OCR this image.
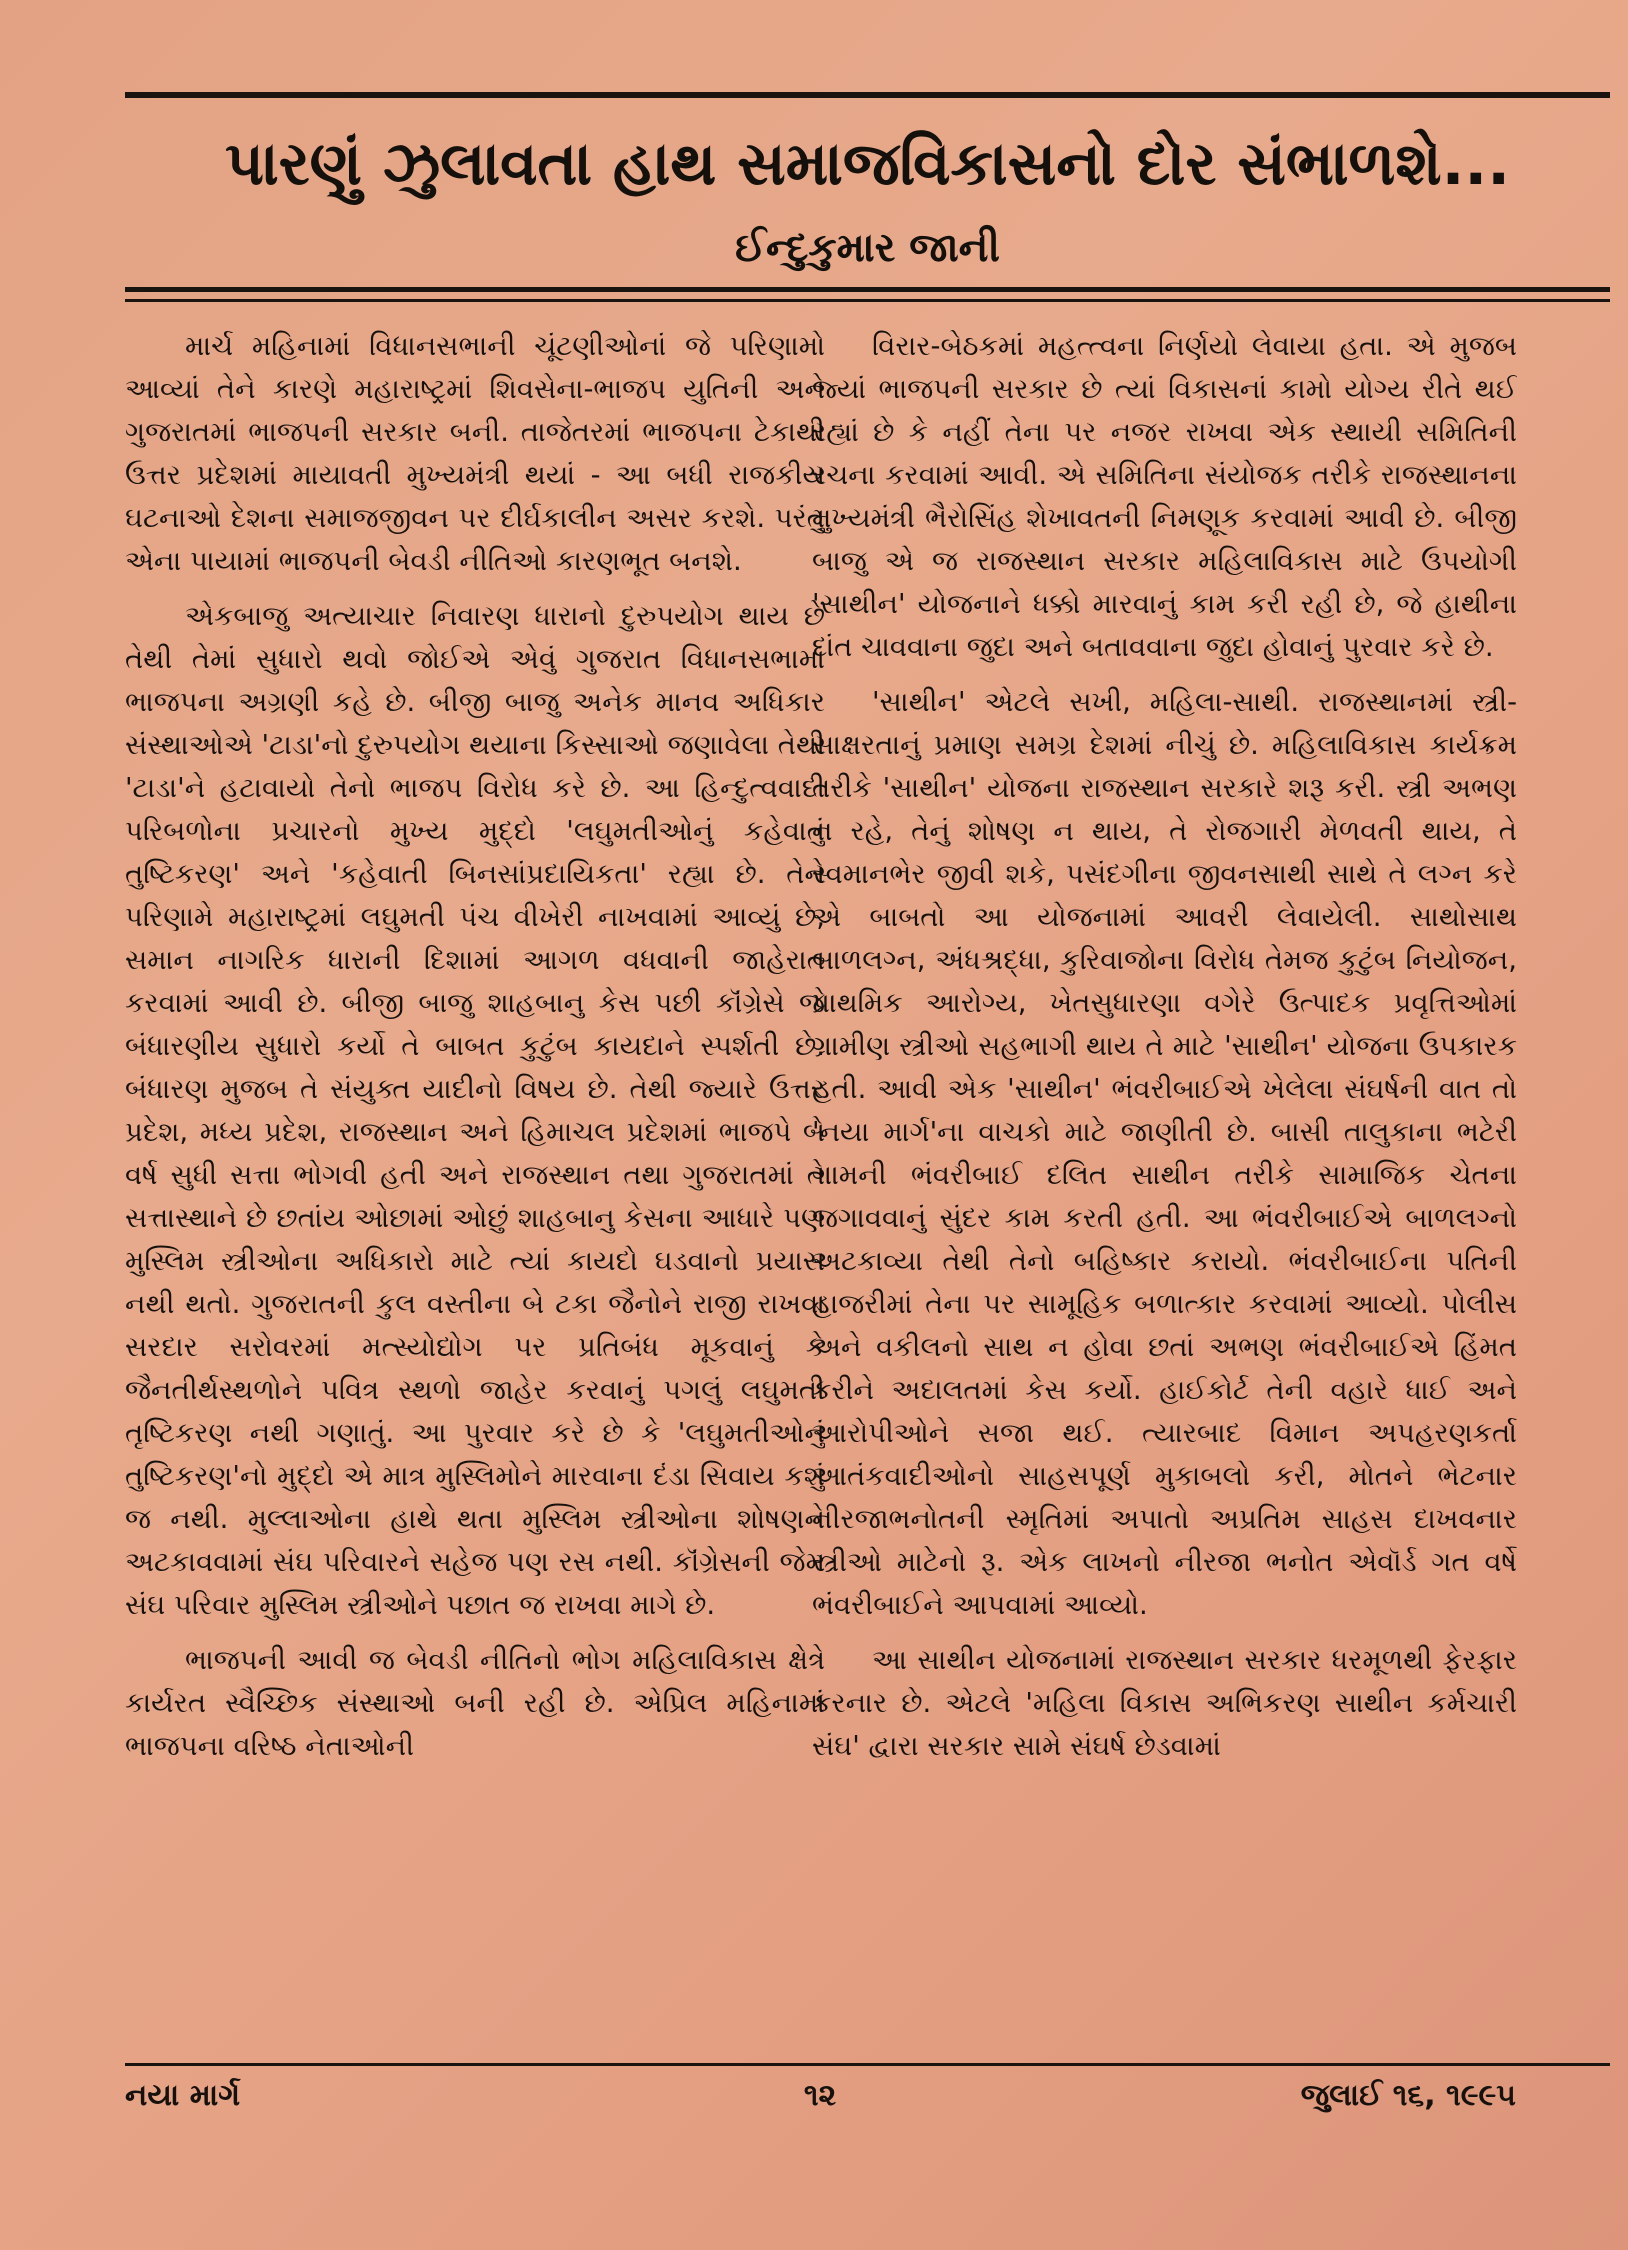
પારણું ઝુલાવતા હાથ સમાજવિકાસનો દોર સંભાળશે...
ઈન્દુકુમાર જાની

માર્ચ મહિનામાં વિધાનસભાની ચૂંટણીઓનાં જે પરિણામો આવ્યાં તેને કારણે મહારાષ્ટ્રમાં શિવસેના-ભાજપ યુતિની અને ગુજરાતમાં ભાજપની સરકાર બની. તાજેતરમાં ભાજપના ટેકાથી ઉત્તર પ્રદેશમાં માયાવતી મુખ્યમંત્રી થયાં - આ બધી રાજકીય ઘટનાઓ દેશના સમાજજીવન પર દીર્ઘકાલીન અસર કરશે. પરંતુ એના પાયામાં ભાજપની બેવડી નીતિઓ કારણભૂત બનશે.

એકબાજુ અત્યાચાર નિવારણ ધારાનો દુરુપયોગ થાય છે તેથી તેમાં સુધારો થવો જોઈએ એવું ગુજરાત વિધાનસભામાં ભાજપના અગ્રણી કહે છે. બીજી બાજુ અનેક માનવ અધિકાર સંસ્થાઓએ 'ટાડા'નો દુરુપયોગ થયાના કિસ્સાઓ જણાવેલા તેથી 'ટાડા'ને હટાવાયો તેનો ભાજપ વિરોધ કરે છે. આ હિન્દુત્વવાદી પરિબળોના પ્રચારનો મુખ્ય મુદ્દો 'લઘુમતીઓનું કહેવાતું તુષ્ટિકરણ' અને 'કહેવાતી બિનસાંપ્રદાયિકતા' રહ્યા છે. તેને પરિણામે મહારાષ્ટ્રમાં લઘુમતી પંચ વીખેરી નાખવામાં આવ્યું છે, સમાન નાગરિક ધારાની દિશામાં આગળ વધવાની જાહેરાત કરવામાં આવી છે. બીજી બાજુ શાહબાનુ કેસ પછી કૉંગ્રેસે જે બંધારણીય સુધારો કર્યો તે બાબત કુટુંબ કાયદાને સ્પર્શતી છે. બંધારણ મુજબ તે સંયુક્ત યાદીનો વિષય છે. તેથી જ્યારે ઉત્તર પ્રદેશ, મધ્ય પ્રદેશ, રાજસ્થાન અને હિમાચલ પ્રદેશમાં ભાજપે બે વર્ષ સુધી સત્તા ભોગવી હતી અને રાજસ્થાન તથા ગુજરાતમાં તે સત્તાસ્થાને છે છતાંય ઓછામાં ઓછું શાહબાનુ કેસના આધારે પણ મુસ્લિમ સ્ત્રીઓના અધિકારો માટે ત્યાં કાયદો ઘડવાનો પ્રયાસ નથી થતો. ગુજરાતની કુલ વસ્તીના બે ટકા જૈનોને રાજી રાખવા સરદાર સરોવરમાં મત્સ્યોદ્યોગ પર પ્રતિબંધ મૂકવાનું કે જૈનતીર્થસ્થળોને પવિત્ર સ્થળો જાહેર કરવાનું પગલું લઘુમતી તૃષ્ટિકરણ નથી ગણાતું. આ પુરવાર કરે છે કે 'લઘુમતીઓનું તુષ્ટિકરણ'નો મુદ્દો એ માત્ર મુસ્લિમોને મારવાના દંડા સિવાય કશું જ નથી. મુલ્લાઓના હાથે થતા મુસ્લિમ સ્ત્રીઓના શોષણને અટકાવવામાં સંઘ પરિવારને સહેજ પણ રસ નથી. કૉંગ્રેસની જેમ સંઘ પરિવાર મુસ્લિમ સ્ત્રીઓને પછાત જ રાખવા માગે છે.

ભાજપની આવી જ બેવડી નીતિનો ભોગ મહિલાવિકાસ ક્ષેત્રે કાર્યરત સ્વૈચ્છિક સંસ્થાઓ બની રહી છે. એપ્રિલ મહિનામાં ભાજપના વરિષ્ઠ નેતાઓની

વિરાર-બેઠકમાં મહત્ત્વના નિર્ણયો લેવાયા હતા. એ મુજબ જ્યાં ભાજપની સરકાર છે ત્યાં વિકાસનાં કામો યોગ્ય રીતે થઈ રહ્યાં છે કે નહીં તેના પર નજર રાખવા એક સ્થાયી સમિતિની રચના કરવામાં આવી. એ સમિતિના સંયોજક તરીકે રાજસ્થાનના મુખ્યમંત્રી ભૈરોસિંહ શેખાવતની નિમણૂક કરવામાં આવી છે. બીજી બાજુ એ જ રાજસ્થાન સરકાર મહિલાવિકાસ માટે ઉપયોગી 'સાથીન' યોજનાને ધક્કો મારવાનું કામ કરી રહી છે, જે હાથીના દાંત ચાવવાના જુદા અને બતાવવાના જુદા હોવાનું પુરવાર કરે છે.

'સાથીન' એટલે સખી, મહિલા-સાથી. રાજસ્થાનમાં સ્ત્રી-સાક્ષરતાનું પ્રમાણ સમગ્ર દેશમાં નીચું છે. મહિલાવિકાસ કાર્યક્રમ તરીકે 'સાથીન' યોજના રાજસ્થાન સરકારે શરૂ કરી. સ્ત્રી અભણ ન રહે, તેનું શોષણ ન થાય, તે રોજગારી મેળવતી થાય, તે સ્વમાનભેર જીવી શકે, પસંદગીના જીવનસાથી સાથે તે લગ્ન કરે એ બાબતો આ યોજનામાં આવરી લેવાયેલી. સાથોસાથ બાળલગ્ન, અંધશ્રદ્ધા, કુરિવાજોના વિરોધ તેમજ કુટુંબ નિયોજન, પ્રાથમિક આરોગ્ય, ખેતસુધારણા વગેરે ઉત્પાદક પ્રવૃત્તિઓમાં ગ્રામીણ સ્ત્રીઓ સહભાગી થાય તે માટે 'સાથીન' યોજના ઉપકારક હતી. આવી એક 'સાથીન' ભંવરીબાઈએ ખેલેલા સંઘર્ષની વાત તો 'નયા માર્ગ'ના વાચકો માટે જાણીતી છે. બાસી તાલુકાના ભટેરી ગામની ભંવરીબાઈ દલિત સાથીન તરીકે સામાજિક ચેતના જગાવવાનું સુંદર કામ કરતી હતી. આ ભંવરીબાઈએ બાળલગ્નો અટકાવ્યા તેથી તેનો બહિષ્કાર કરાયો. ભંવરીબાઈના પતિની હાજરીમાં તેના પર સામૂહિક બળાત્કાર કરવામાં આવ્યો. પોલીસ અને વકીલનો સાથ ન હોવા છતાં અભણ ભંવરીબાઈએ હિંમત કરીને અદાલતમાં કેસ કર્યો. હાઈકોર્ટ તેની વહારે ધાઈ અને આરોપીઓને સજા થઈ. ત્યારબાદ વિમાન અપહરણકર્તા આતંકવાદીઓનો સાહસપૂર્ણ મુકાબલો કરી, મોતને ભેટનાર નીરજાભનોતની સ્મૃતિમાં અપાતો અપ્રતિમ સાહસ દાખવનાર સ્ત્રીઓ માટેનો રૂ. એક લાખનો નીરજા ભનોત એવૉર્ડ ગત વર્ષે ભંવરીબાઈને આપવામાં આવ્યો.

આ સાથીન યોજનામાં રાજસ્થાન સરકાર ધરમૂળથી ફેરફાર કરનાર છે. એટલે 'મહિલા વિકાસ અભિકરણ સાથીન કર્મચારી સંઘ' દ્વારા સરકાર સામે સંઘર્ષ છેડવામાં

નયા માર્ગ	૧૨	જુલાઈ ૧૬, ૧૯૯૫
